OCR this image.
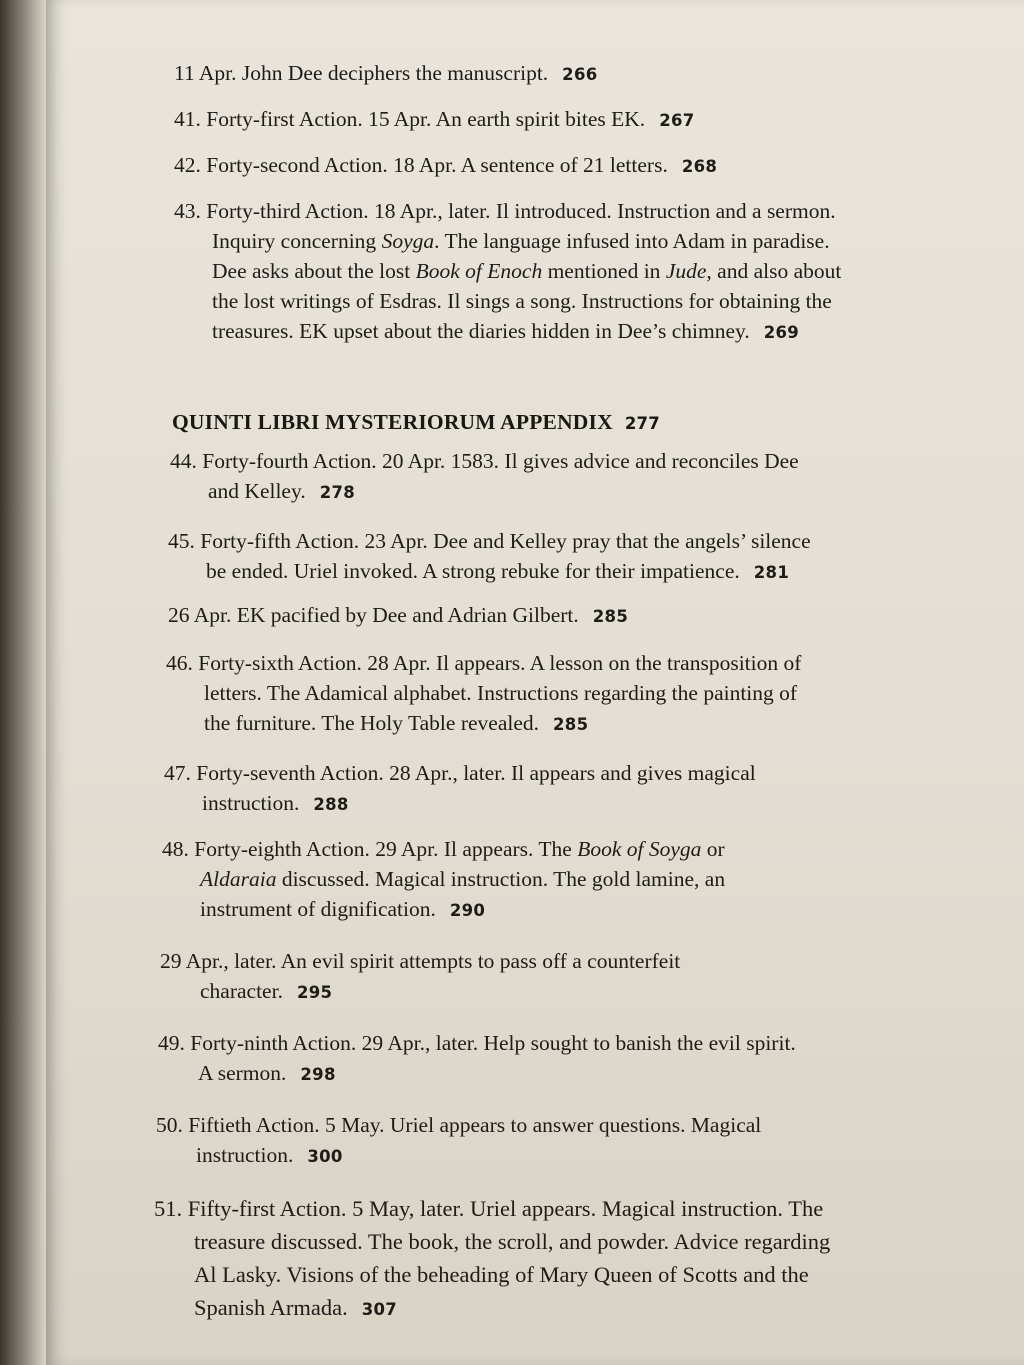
11 Apr. John Dee deciphers the manuscript. 266
41. Forty-first Action. 15 Apr. An earth spirit bites EK. 267
42. Forty-second Action. 18 Apr. A sentence of 21 letters. 268
43. Forty-third Action. 18 Apr., later. Il introduced. Instruction and a sermon.
Inquiry concerning Soyga. The language infused into Adam in paradise.
Dee asks about the lost Book of Enoch mentioned in Jude, and also about
the lost writings of Esdras. Il sings a song. Instructions for obtaining the
treasures. EK upset about the diaries hidden in Dee’s chimney. 269
QUINTI LIBRI MYSTERIORUM APPENDIX 277
44. Forty-fourth Action. 20 Apr. 1583. Il gives advice and reconciles Dee
and Kelley. 278
45. Forty-fifth Action. 23 Apr. Dee and Kelley pray that the angels’ silence
be ended. Uriel invoked. A strong rebuke for their impatience. 281
26 Apr. EK pacified by Dee and Adrian Gilbert. 285
46. Forty-sixth Action. 28 Apr. Il appears. A lesson on the transposition of
letters. The Adamical alphabet. Instructions regarding the painting of
the furniture. The Holy Table revealed. 285
47. Forty-seventh Action. 28 Apr., later. Il appears and gives magical
instruction. 288
48. Forty-eighth Action. 29 Apr. Il appears. The Book of Soyga or
Aldaraia discussed. Magical instruction. The gold lamine, an
instrument of dignification. 290
29 Apr., later. An evil spirit attempts to pass off a counterfeit
character. 295
49. Forty-ninth Action. 29 Apr., later. Help sought to banish the evil spirit.
A sermon. 298
50. Fiftieth Action. 5 May. Uriel appears to answer questions. Magical
instruction. 300
51. Fifty-first Action. 5 May, later. Uriel appears. Magical instruction. The
treasure discussed. The book, the scroll, and powder. Advice regarding
Al Lasky. Visions of the beheading of Mary Queen of Scotts and the
Spanish Armada. 307
